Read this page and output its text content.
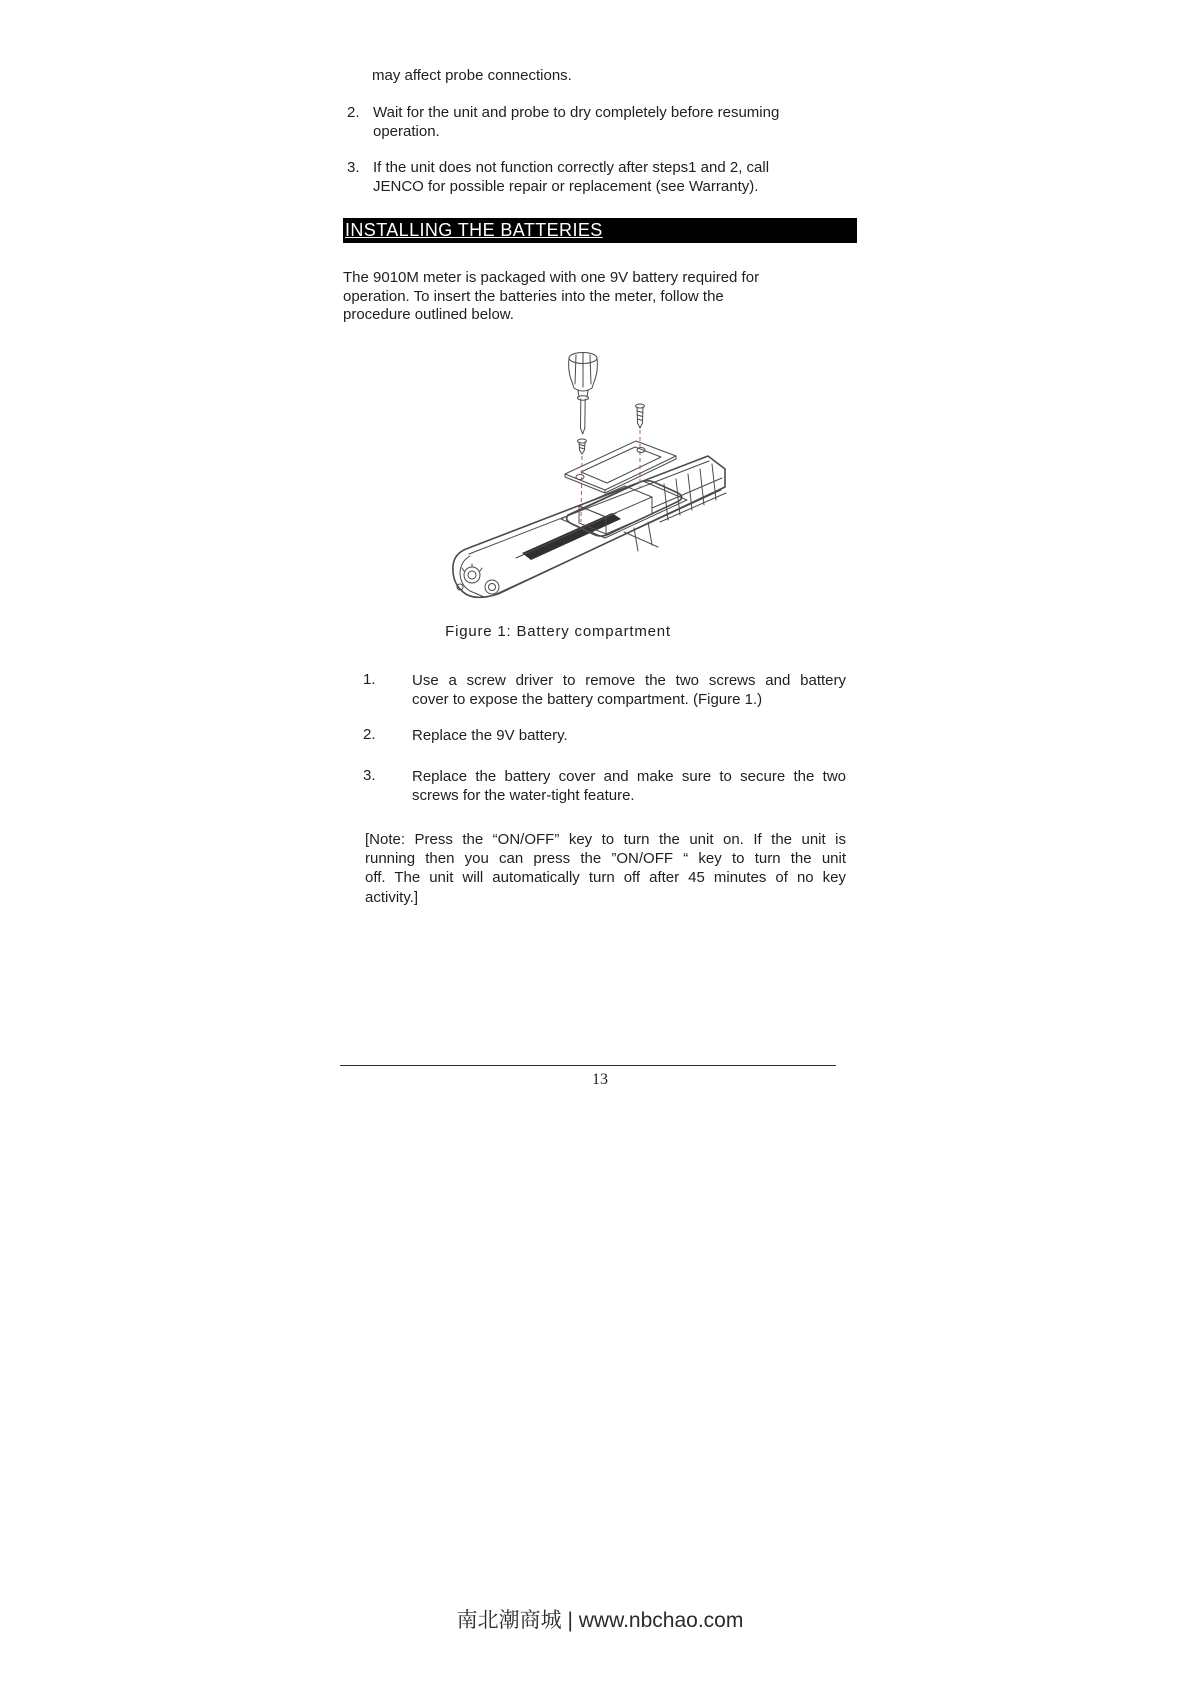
may affect probe connections.
2. Wait for the unit and probe to dry completely before resuming
operation.
3. If the unit does not function correctly after steps1 and 2, call
JENCO for possible repair or replacement (see Warranty).
INSTALLING THE BATTERIES
The 9010M meter is packaged with one 9V battery required for
operation. To insert the batteries into the meter, follow the
procedure outlined below.
Figure 1: Battery compartment
1.	Use a screw driver to remove the two screws and battery
cover to expose the battery compartment. (Figure 1.)
2.	Replace the 9V battery.
3.	Replace the battery cover and make sure to secure the two
screws for the water-tight feature.
[Note: Press the “ON/OFF” key to turn the unit on. If the unit is
running then you can press the ”ON/OFF “ key to turn the unit
off. The unit will automatically turn off after 45 minutes of no key
activity.]
13
南北潮商城 | www.nbchao.com
